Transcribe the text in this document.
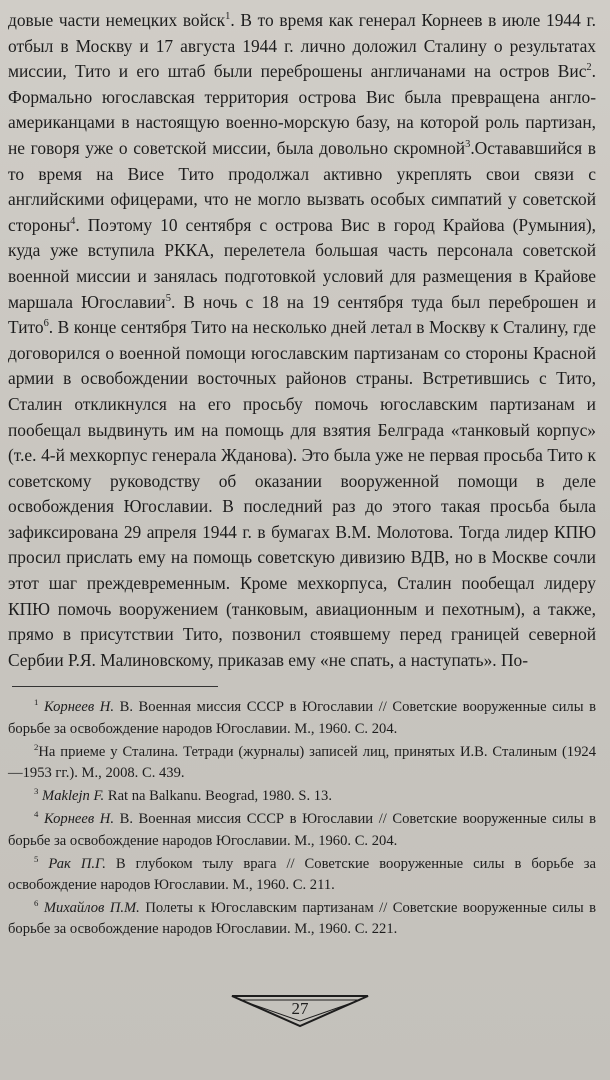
довые части немецких войск$^1$. В то время как генерал Корнеев в июле 1944 г. отбыл в Москву и 17 августа 1944 г. лично доложил Сталину о результатах миссии, Тито и его штаб были переброшены англичанами на остров Вис$^2$. Формально югославская территория острова Вис была превращена англо-американцами в настоящую военно-морскую базу, на которой роль партизан, не говоря уже о советской миссии, была довольно скромной$^3$.Остававшийся в то время на Висе Тито продолжал активно укреплять свои связи с английскими офицерами, что не могло вызвать особых симпатий у советской стороны$^4$. Поэтому 10 сентября с острова Вис в город Крайова (Румыния), куда уже вступила РККА, перелетела большая часть персонала советской военной миссии и занялась подготовкой условий для размещения в Крайове маршала Югославии$^5$. В ночь с 18 на 19 сентября туда был переброшен и Тито$^6$. В конце сентября Тито на несколько дней летал в Москву к Сталину, где договорился о военной помощи югославским партизанам со стороны Красной армии в освобождении восточных районов страны. Встретившись с Тито, Сталин откликнулся на его просьбу помочь югославским партизанам и пообещал выдвинуть им на помощь для взятия Белграда «танковый корпус» (т.е. 4-й мехкорпус генерала Жданова). Это была уже не первая просьба Тито к советскому руководству об оказании вооруженной помощи в деле освобождения Югославии. В последний раз до этого такая просьба была зафиксирована 29 апреля 1944 г. в бумагах В.М. Молотова. Тогда лидер КПЮ просил прислать ему на помощь советскую дивизию ВДВ, но в Москве сочли этот шаг преждевременным. Кроме мехкорпуса, Сталин пообещал лидеру КПЮ помочь вооружением (танковым, авиационным и пехотным), а также, прямо в присутствии Тито, позвонил стоявшему перед границей северной Сербии Р.Я. Малиновскому, приказав ему «не спать, а наступать». По-

$^1$ Корнеев Н. В. Военная миссия СССР в Югославии // Советские вооруженные силы в борьбе за освобождение народов Югославии. М., 1960. С. 204.

$^2$На приеме у Сталина. Тетради (журналы) записей лиц, принятых И.В. Сталиным (1924—1953 гг.). М., 2008. С. 439.

$^3$ Maklejn F. Rat na Balkanu. Beograd, 1980. S. 13.

$^4$ Корнеев Н. В. Военная миссия СССР в Югославии // Советские вооруженные силы в борьбе за освобождение народов Югославии. М., 1960. С. 204.

$^5$ Рак П.Г. В глубоком тылу врага // Советские вооруженные силы в борьбе за освобождение народов Югославии. М., 1960. С. 211.

$^6$ Михайлов П.М. Полеты к Югославским партизанам // Советские вооруженные силы в борьбе за освобождение народов Югославии. М., 1960. С. 221.

27
